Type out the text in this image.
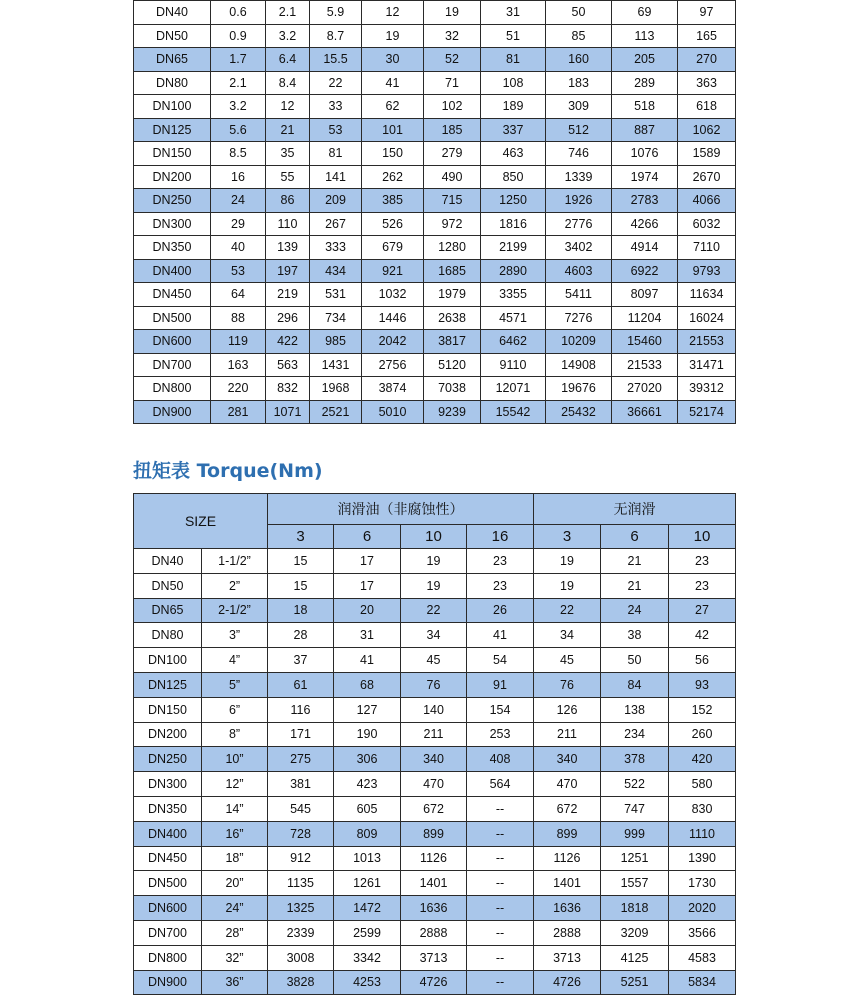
DN40	0.6	2.1	5.9	12	19	31	50	69	97
DN50	0.9	3.2	8.7	19	32	51	85	113	165
DN65	1.7	6.4	15.5	30	52	81	160	205	270
DN80	2.1	8.4	22	41	71	108	183	289	363
DN100	3.2	12	33	62	102	189	309	518	618
DN125	5.6	21	53	101	185	337	512	887	1062
DN150	8.5	35	81	150	279	463	746	1076	1589
DN200	16	55	141	262	490	850	1339	1974	2670
DN250	24	86	209	385	715	1250	1926	2783	4066
DN300	29	110	267	526	972	1816	2776	4266	6032
DN350	40	139	333	679	1280	2199	3402	4914	7110
DN400	53	197	434	921	1685	2890	4603	6922	9793
DN450	64	219	531	1032	1979	3355	5411	8097	11634
DN500	88	296	734	1446	2638	4571	7276	11204	16024
DN600	119	422	985	2042	3817	6462	10209	15460	21553
DN700	163	563	1431	2756	5120	9110	14908	21533	31471
DN800	220	832	1968	3874	7038	12071	19676	27020	39312
DN900	281	1071	2521	5010	9239	15542	25432	36661	52174
扭矩表 Torque(Nm)
SIZE		润滑油（非腐蚀性）				无润滑		
		3	6	10	16	3	6	10
DN40	1-1/2”	15	17	19	23	19	21	23
DN50	2”	15	17	19	23	19	21	23
DN65	2-1/2”	18	20	22	26	22	24	27
DN80	3”	28	31	34	41	34	38	42
DN100	4”	37	41	45	54	45	50	56
DN125	5”	61	68	76	91	76	84	93
DN150	6”	116	127	140	154	126	138	152
DN200	8”	171	190	211	253	211	234	260
DN250	10”	275	306	340	408	340	378	420
DN300	12”	381	423	470	564	470	522	580
DN350	14”	545	605	672	--	672	747	830
DN400	16”	728	809	899	--	899	999	1110
DN450	18”	912	1013	1126	--	1126	1251	1390
DN500	20”	1135	1261	1401	--	1401	1557	1730
DN600	24”	1325	1472	1636	--	1636	1818	2020
DN700	28”	2339	2599	2888	--	2888	3209	3566
DN800	32”	3008	3342	3713	--	3713	4125	4583
DN900	36”	3828	4253	4726	--	4726	5251	5834
